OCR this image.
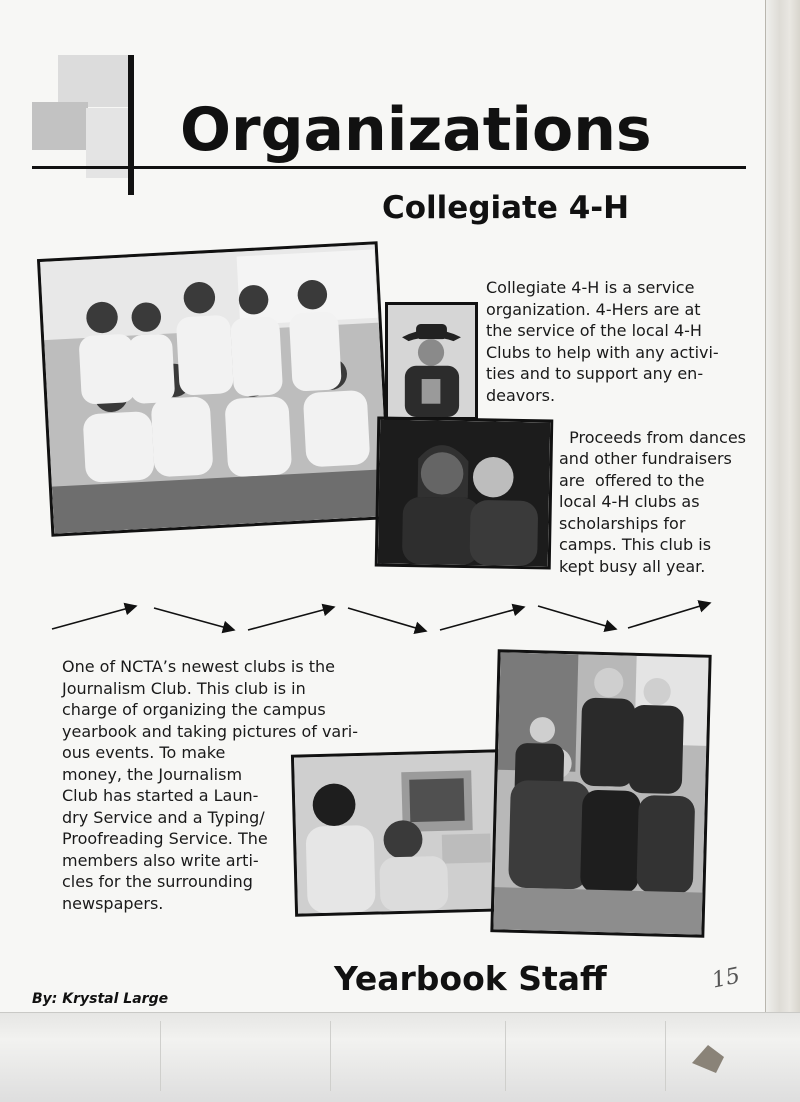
Organizations
Collegiate 4-H

Collegiate 4-H is a service
organization. 4-Hers are at
the service of the local 4-H
Clubs to help with any activi-
ties and to support any en-
deavors.

Proceeds from dances
and other fundraisers
are  offered to the
local 4-H clubs as
scholarships for
camps. This club is
kept busy all year.

One of NCTA’s newest clubs is the
Journalism Club. This club is in
charge of organizing the campus
yearbook and taking pictures of vari-
ous events. To make
money, the Journalism
Club has started a Laun-
dry Service and a Typing/
Proofreading Service. The
members also write arti-
cles for the surrounding
newspapers.

Yearbook Staff

By: Krystal Large

15
